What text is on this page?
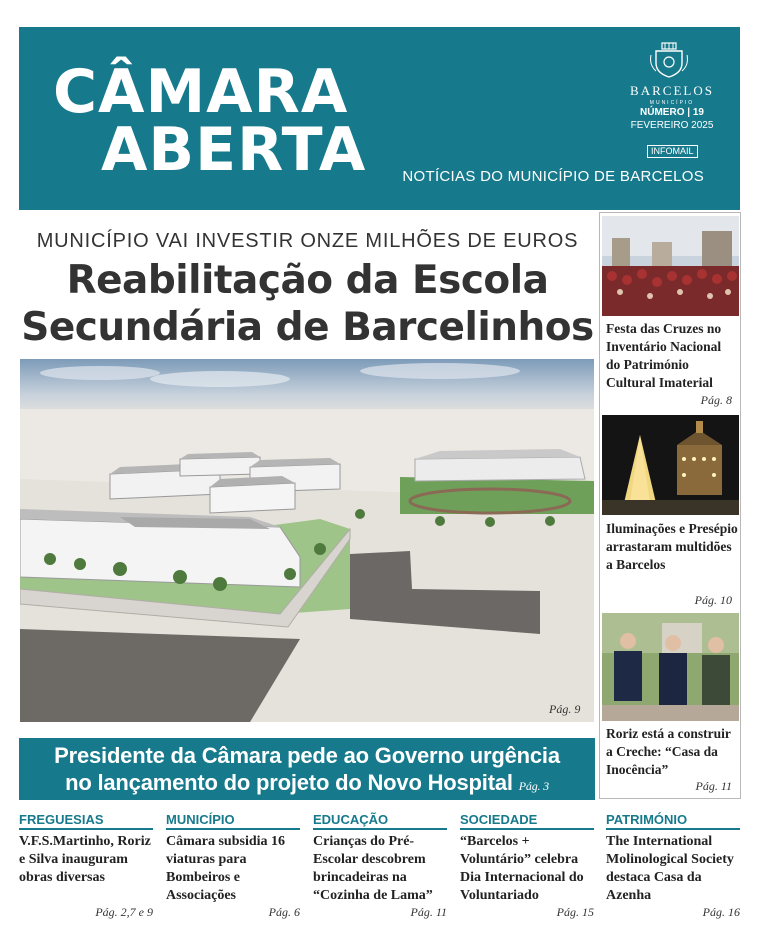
CÂMARA
ABERTA
BARCELOS
MUNICÍPIO
NÚMERO | 19
FEVEREIRO 2025
INFOMAIL
NOTÍCIAS DO MUNICÍPIO DE BARCELOS
MUNICÍPIO VAI INVESTIR ONZE MILHÕES DE EUROS
Reabilitação da Escola
Secundária de Barcelinhos
Pág. 9
Presidente da Câmara pede ao Governo urgência
no lançamento do projeto do Novo Hospital Pág. 3
Festa das Cruzes no Inventário Nacional do Património Cultural Imaterial
Pág. 8
Iluminações e Presépio arrastaram multidões a Barcelos
Pág. 10
Roriz está a construir a Creche: “Casa da Inocência”
Pág. 11
FREGUESIAS
V.F.S.Martinho, Roriz e Silva inauguram obras diversas
Pág. 2,7 e 9
MUNICÍPIO
Câmara subsidia 16 viaturas para Bombeiros e Associações
Pág. 6
EDUCAÇÃO
Crianças do Pré-Escolar descobrem brincadeiras na “Cozinha de Lama”
Pág. 11
SOCIEDADE
“Barcelos + Voluntário” celebra Dia Internacional do Voluntariado
Pág. 15
PATRIMÓNIO
The International Molinological Society destaca Casa da Azenha
Pág. 16
